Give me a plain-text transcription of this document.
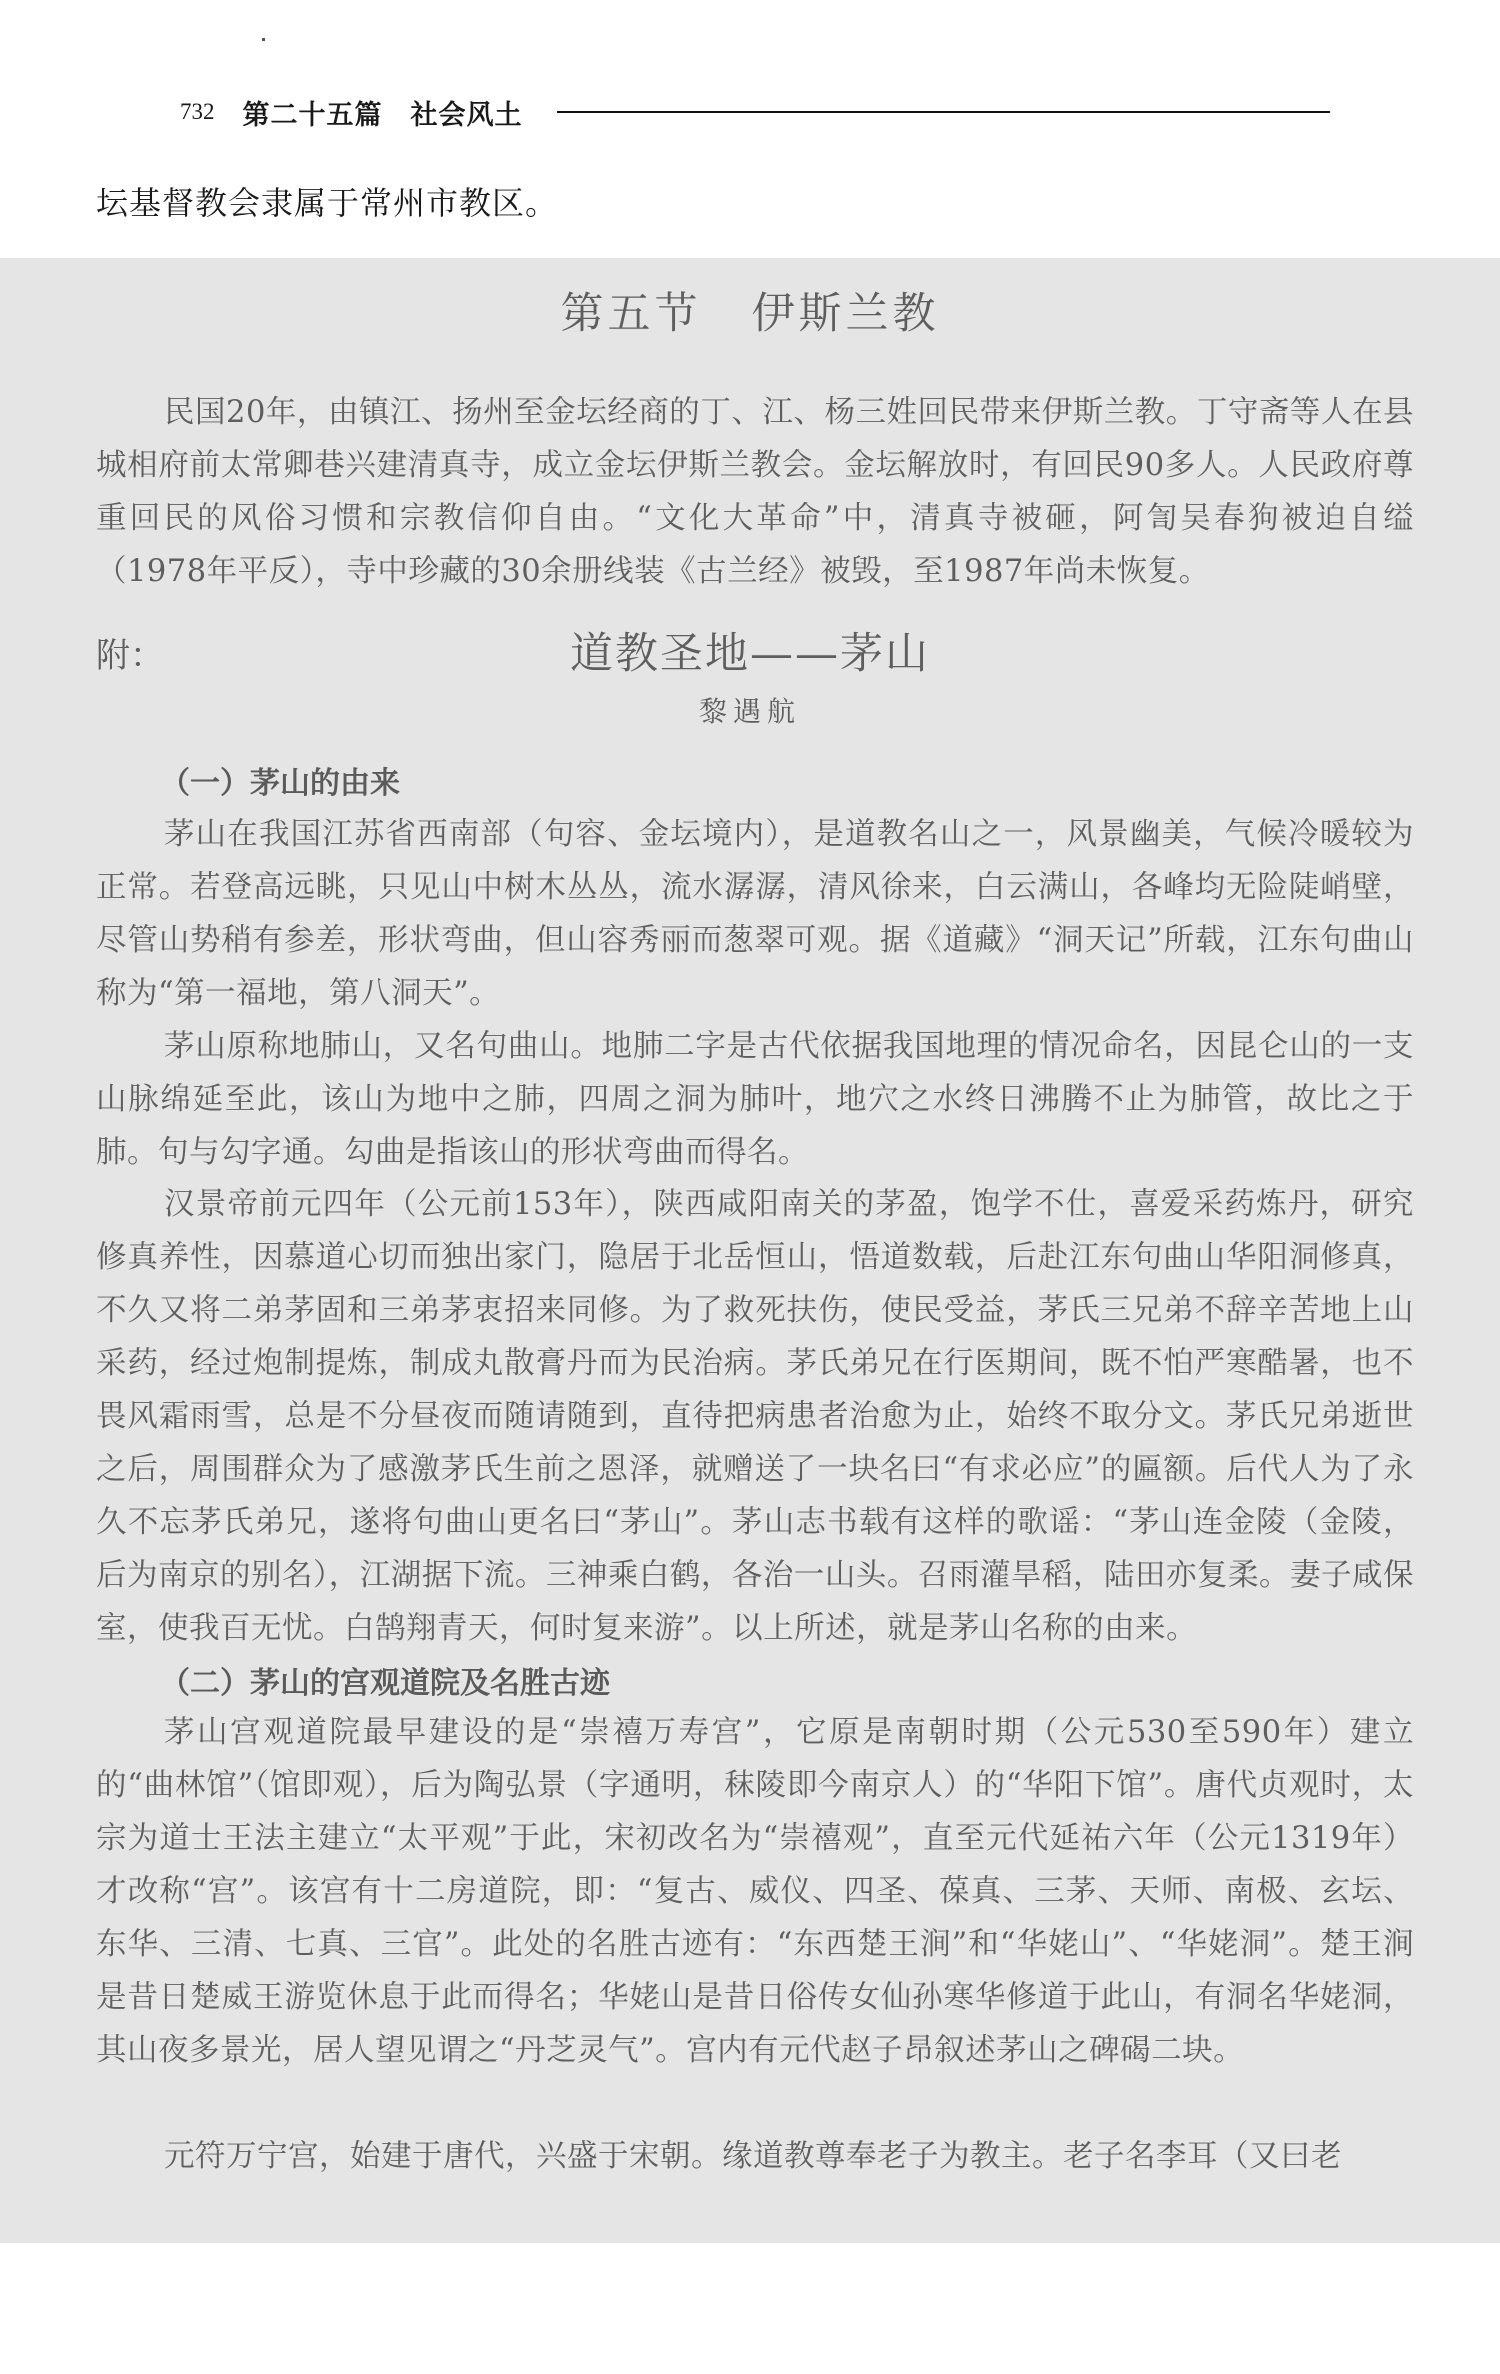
732 第二十五篇　社会风土
坛基督教会隶属于常州市教区。
第五节 伊斯兰教

民国20年，由镇江、扬州至金坛经商的丁、江、杨三姓回民带来伊斯兰教。丁守斋等人在县城相府前太常卿巷兴建清真寺，成立金坛伊斯兰教会。金坛解放时，有回民90多人。人民政府尊重回民的风俗习惯和宗教信仰自由。“文化大革命”中，清真寺被砸，阿訇吴春狗被迫自缢（1978年平反），寺中珍藏的30余册线装《古兰经》被毁，至1987年尚未恢复。

附：	道教圣地——茅山
黎遇航
（一）茅山的由来

茅山在我国江苏省西南部（句容、金坛境内），是道教名山之一，风景幽美，气候冷暖较为正常。若登高远眺，只见山中树木丛丛，流水潺潺，清风徐来，白云满山，各峰均无险陡峭壁，尽管山势稍有参差，形状弯曲，但山容秀丽而葱翠可观。据《道藏》“洞天记”所载，江东句曲山称为“第一福地，第八洞天”。

茅山原称地肺山，又名句曲山。地肺二字是古代依据我国地理的情况命名，因昆仑山的一支山脉绵延至此，该山为地中之肺，四周之洞为肺叶，地穴之水终日沸腾不止为肺管，故比之于肺。句与勾字通。勾曲是指该山的形状弯曲而得名。

汉景帝前元四年（公元前153年），陕西咸阳南关的茅盈，饱学不仕，喜爱采药炼丹，研究修真养性，因慕道心切而独出家门，隐居于北岳恒山，悟道数载，后赴江东句曲山华阳洞修真，不久又将二弟茅固和三弟茅衷招来同修。为了救死扶伤，使民受益，茅氏三兄弟不辞辛苦地上山采药，经过炮制提炼，制成丸散膏丹而为民治病。茅氏弟兄在行医期间，既不怕严寒酷暑，也不畏风霜雨雪，总是不分昼夜而随请随到，直待把病患者治愈为止，始终不取分文。茅氏兄弟逝世之后，周围群众为了感激茅氏生前之恩泽，就赠送了一块名曰“有求必应”的匾额。后代人为了永久不忘茅氏弟兄，遂将句曲山更名曰“茅山”。茅山志书载有这样的歌谣：“茅山连金陵（金陵，后为南京的别名），江湖据下流。三神乘白鹤，各治一山头。召雨灌旱稻，陆田亦复柔。妻子咸保室，使我百无忧。白鹄翔青天，何时复来游”。以上所述，就是茅山名称的由来。

（二）茅山的宫观道院及名胜古迹

茅山宫观道院最早建设的是“崇禧万寿宫”，它原是南朝时期（公元530至590年）建立的“曲林馆”（馆即观），后为陶弘景（字通明，秣陵即今南京人）的“华阳下馆”。唐代贞观时，太宗为道士王法主建立“太平观”于此，宋初改名为“崇禧观”，直至元代延祐六年（公元1319年）才改称“宫”。该宫有十二房道院，即：“复古、威仪、四圣、葆真、三茅、天师、南极、玄坛、东华、三清、七真、三官”。此处的名胜古迹有：“东西楚王涧”和“华姥山”、“华姥洞”。楚王涧是昔日楚威王游览休息于此而得名；华姥山是昔日俗传女仙孙寒华修道于此山，有洞名华姥洞，其山夜多景光，居人望见谓之“丹芝灵气”。宫内有元代赵子昂叙述茅山之碑碣二块。

元符万宁宫，始建于唐代，兴盛于宋朝。缘道教尊奉老子为教主。老子名李耳（又曰老
